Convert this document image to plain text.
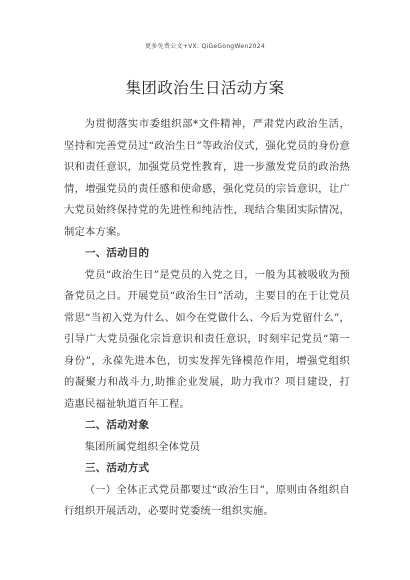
更多免费公文+VX: QiGeGongWen2024
集团政治生日活动方案

为贯彻落实市委组织部*文件精神，严肃党内政治生活，坚持和完善党员过“政治生日”等政治仪式，强化党员的身份意识和责任意识，加强党员党性教育，进一步激发党员的政治热情，增强党员的责任感和使命感，强化党员的宗旨意识，让广大党员始终保持党的先进性和纯洁性，现结合集团实际情况，制定本方案。

一、活动目的

党员“政治生日”是党员的入党之日，一般为其被吸收为预备党员之日。开展党员“政治生日”活动，主要目的在于让党员常思“当初入党为什么、如今在党做什么、今后为党留什么”，引导广大党员强化宗旨意识和责任意识，时刻牢记党员“第一身份”，永葆先进本色，切实发挥先锋模范作用，增强党组织的凝聚力和战斗力,助推企业发展，助力我市？项目建设，打造惠民福祉轨道百年工程。

二、活动对象

集团所属党组织全体党员

三、活动方式

（一）全体正式党员都要过“政治生日”，原则由各组织自行组织开展活动，必要时党委统一组织实施。
